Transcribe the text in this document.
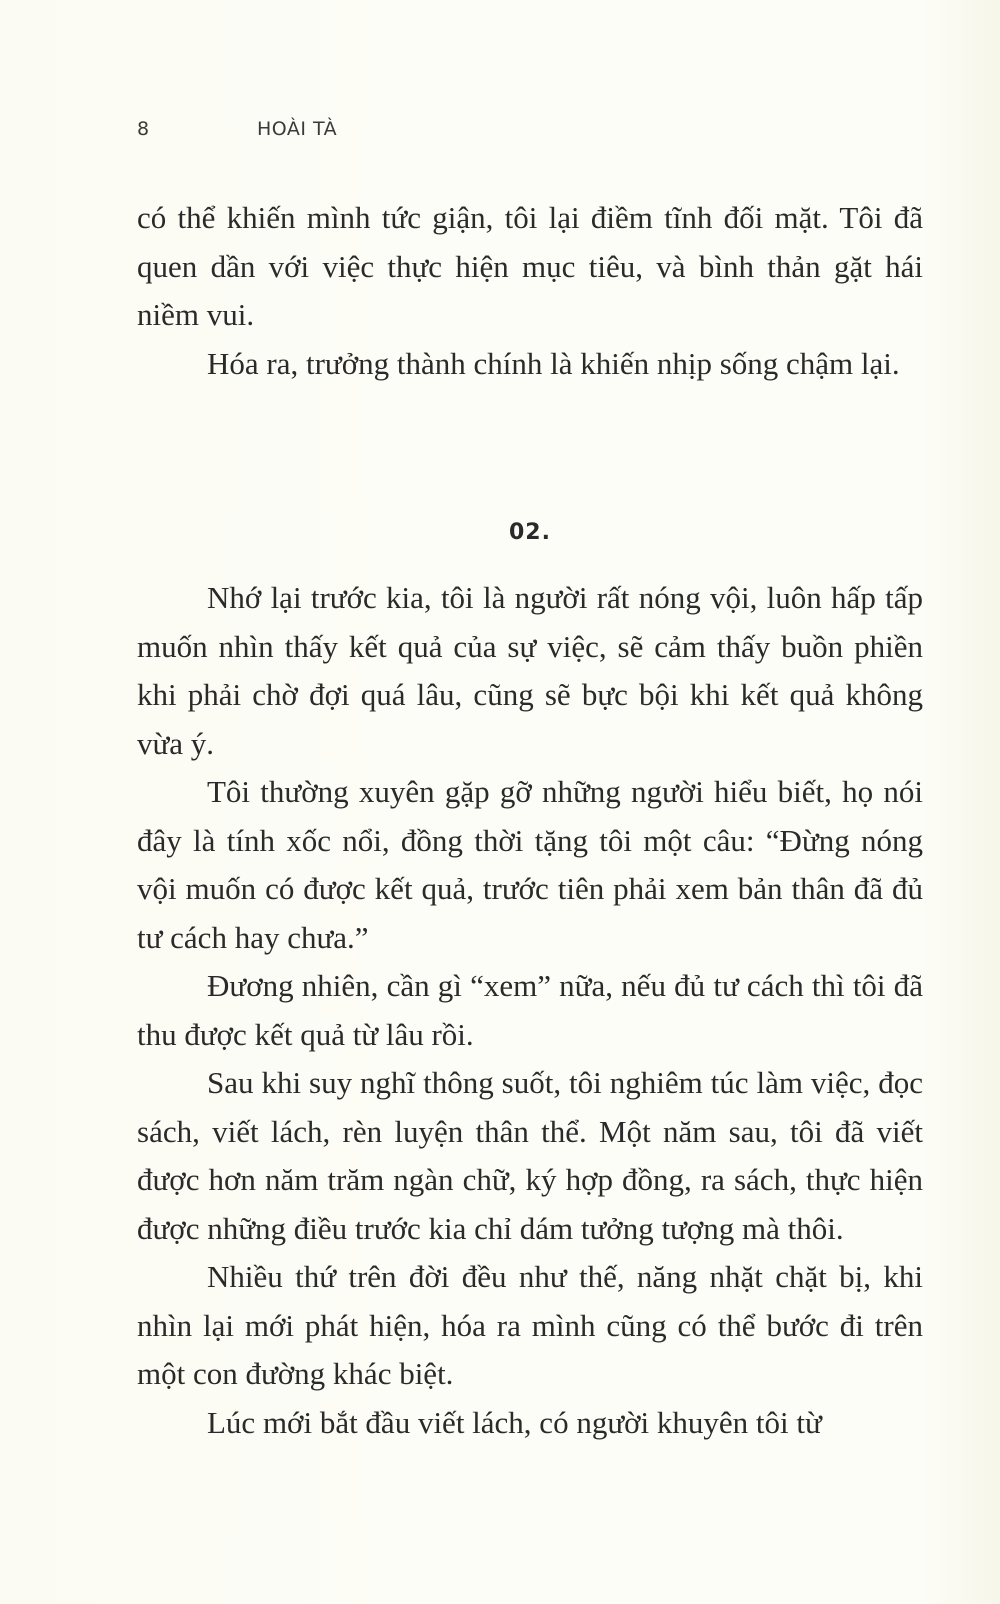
8	HOÀI TÀ

có thể khiến mình tức giận, tôi lại điềm tĩnh đối mặt. Tôi đã quen dần với việc thực hiện mục tiêu, và bình thản gặt hái niềm vui.

Hóa ra, trưởng thành chính là khiến nhịp sống chậm lại.

02.

Nhớ lại trước kia, tôi là người rất nóng vội, luôn hấp tấp muốn nhìn thấy kết quả của sự việc, sẽ cảm thấy buồn phiền khi phải chờ đợi quá lâu, cũng sẽ bực bội khi kết quả không vừa ý.

Tôi thường xuyên gặp gỡ những người hiểu biết, họ nói đây là tính xốc nổi, đồng thời tặng tôi một câu: “Đừng nóng vội muốn có được kết quả, trước tiên phải xem bản thân đã đủ tư cách hay chưa.”

Đương nhiên, cần gì “xem” nữa, nếu đủ tư cách thì tôi đã thu được kết quả từ lâu rồi.

Sau khi suy nghĩ thông suốt, tôi nghiêm túc làm việc, đọc sách, viết lách, rèn luyện thân thể. Một năm sau, tôi đã viết được hơn năm trăm ngàn chữ, ký hợp đồng, ra sách, thực hiện được những điều trước kia chỉ dám tưởng tượng mà thôi.

Nhiều thứ trên đời đều như thế, năng nhặt chặt bị, khi nhìn lại mới phát hiện, hóa ra mình cũng có thể bước đi trên một con đường khác biệt.

Lúc mới bắt đầu viết lách, có người khuyên tôi từ
